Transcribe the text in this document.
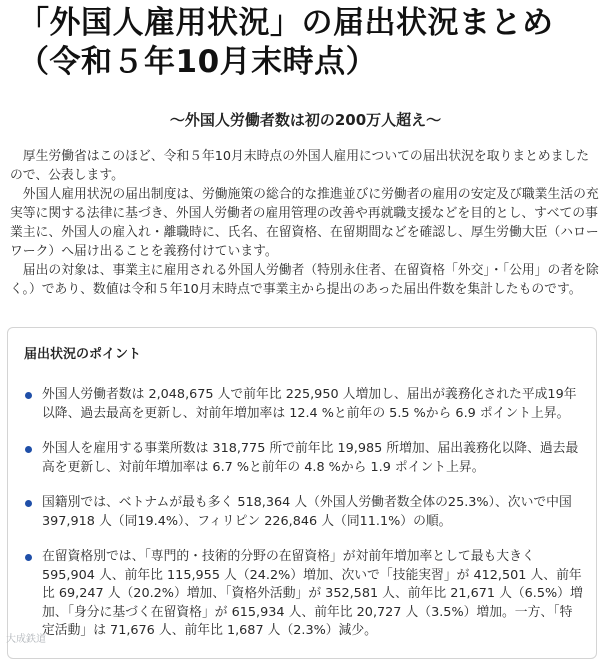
「外国人雇用状況」の届出状況まとめ（令和５年10月末時点）
～外国人労働者数は初の200万人超え～

厚生労働省はこのほど、令和５年10月末時点の外国人雇用についての届出状況を取りまとめました ので、公表します。

外国人雇用状況の届出制度は、労働施策の総合的な推進並びに労働者の雇用の安定及び職業生活の充実等に関する法律に基づき、外国人労働者の雇用管理の改善や再就職支援などを目的とし、すべての事業主に、外国人の雇入れ・離職時に、氏名、在留資格、在留期間などを確認し、厚生労働大臣（ハローワーク）へ届け出ることを義務付けています。

届出の対象は、事業主に雇用される外国人労働者（特別永住者、在留資格「外交」・「公用」の者を除く。）であり、数値は令和５年10月末時点で事業主から提出のあった届出件数を集計したものです。

届出状況のポイント
外国人労働者数は 2,048,675 人で前年比 225,950 人増加し、届出が義務化された平成19年以降、過去最高を更新し、対前年増加率は 12.4 %と前年の 5.5 %から 6.9 ポイント上昇。
外国人を雇用する事業所数は 318,775 所で前年比 19,985 所増加、届出義務化以降、過去最高を更新し、対前年増加率は 6.7 %と前年の 4.8 %から 1.9 ポイント上昇。
国籍別では、ベトナムが最も多く 518,364 人（外国人労働者数全体の25.3%）、次いで中国 397,918 人（同19.4%）、フィリピン 226,846 人（同11.1%）の順。
在留資格別では、「専門的・技術的分野の在留資格」が対前年増加率として最も大きく 595,904 人、前年比 115,955 人（24.2%）増加、次いで「技能実習」が 412,501 人、前年比 69,247 人（20.2%）増加、「資格外活動」が 352,581 人、前年比 21,671 人（6.5%）増加、「身分に基づく在留資格」が 615,934 人、前年比 20,727 人（3.5%）増加。一方、「特定活動」は 71,676 人、前年比 1,687 人（2.3%）減少。
大成鉄道
